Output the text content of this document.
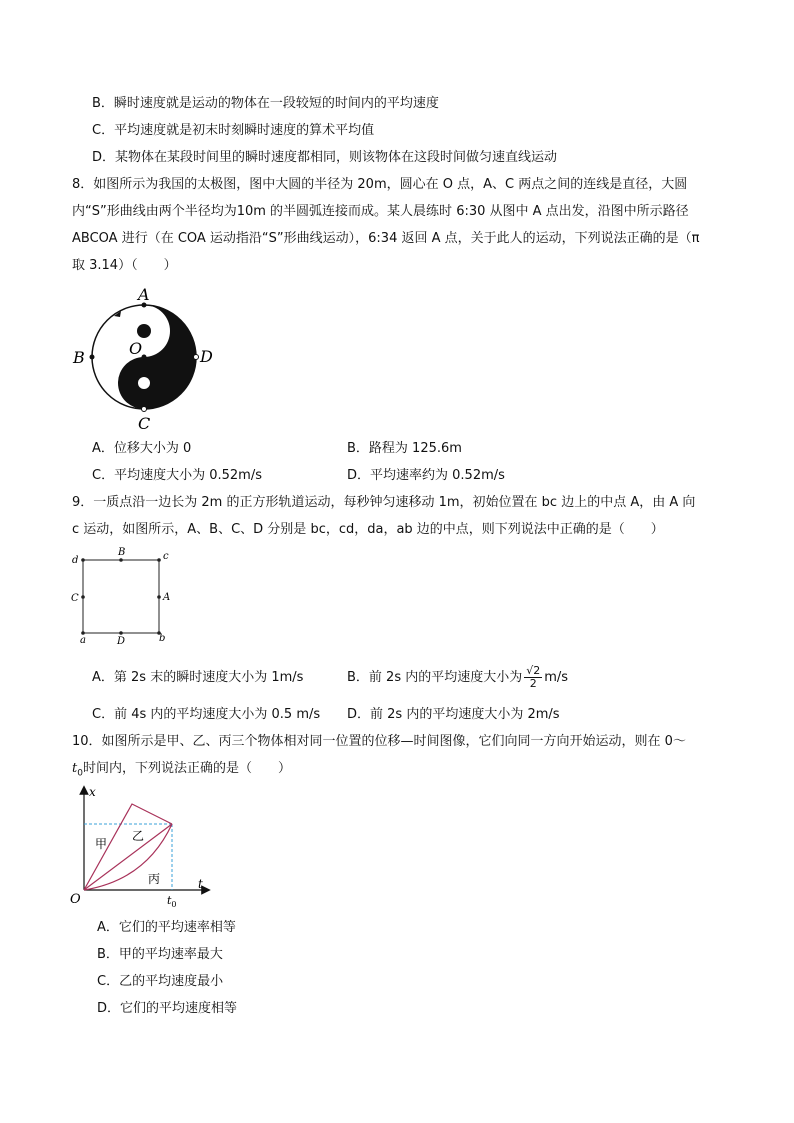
B．瞬时速度就是运动的物体在一段较短的时间内的平均速度
C．平均速度就是初末时刻瞬时速度的算术平均值
D．某物体在某段时间里的瞬时速度都相同，则该物体在这段时间做匀速直线运动
8．如图所示为我国的太极图，图中大圆的半径为 20m，圆心在 O 点，A、C 两点之间的连线是直径，大圆
内“S”形曲线由两个半径均为10m 的半圆弧连接而成。某人晨练时 6:30 从图中 A 点出发，沿图中所示路径
ABCOA 进行（在 COA 运动指沿“S”形曲线运动），6:34 返回 A 点，关于此人的运动，下列说法正确的是（π
取 3.14）（　　）
A
B
C
D
O
A．位移大小为 0	B．路程为 125.6m
C．平均速度大小为 0.52m/s	D．平均速率约为 0.52m/s
9．一质点沿一边长为 2m 的正方形轨道运动，每秒钟匀速移动 1m，初始位置在 bc 边上的中点 A，由 A 向
c 运动，如图所示，A、B、C、D 分别是 bc，cd，da，ab 边的中点，则下列说法中正确的是（　　）
d	c
a	b
B
C	A
D
A．第 2s 末的瞬时速度大小为 1m/s	B．前 2s 内的平均速度大小为 $\frac{√2}{2} m/s$
C．前 4s 内的平均速度大小为 0.5 m/s D．前 2s 内的平均速度大小为 2m/s
10．如图所示是甲、乙、丙三个物体相对同一位置的位移—时间图像，它们向同一方向开始运动，则在 0～
$t_0$时间内，下列说法正确的是（　　）
x
t
O	$t_0$
甲
乙
丙
A．它们的平均速率相等
B．甲的平均速率最大
C．乙的平均速度最小
D．它们的平均速度相等
